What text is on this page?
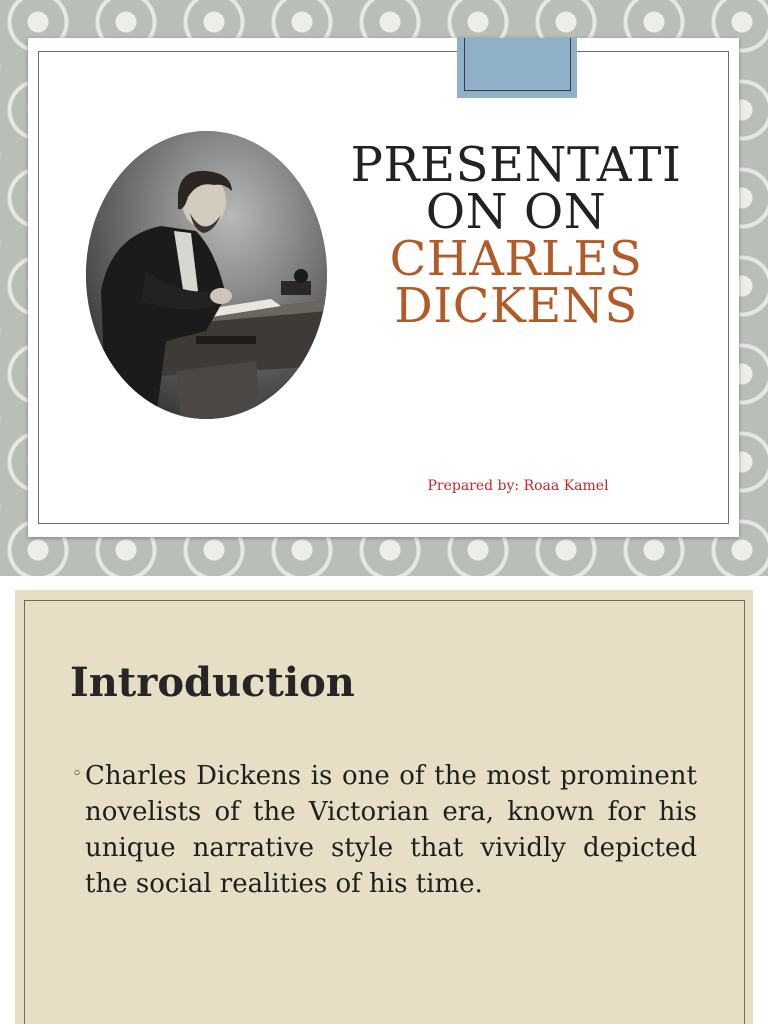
PRESENTATI
ON ON
CHARLES
DICKENS
Prepared by: Roaa Kamel
Introduction
◦ Charles Dickens is one of the most prominent novelists of the Victorian era, known for his unique narrative style that vividly depicted the social realities of his time.
